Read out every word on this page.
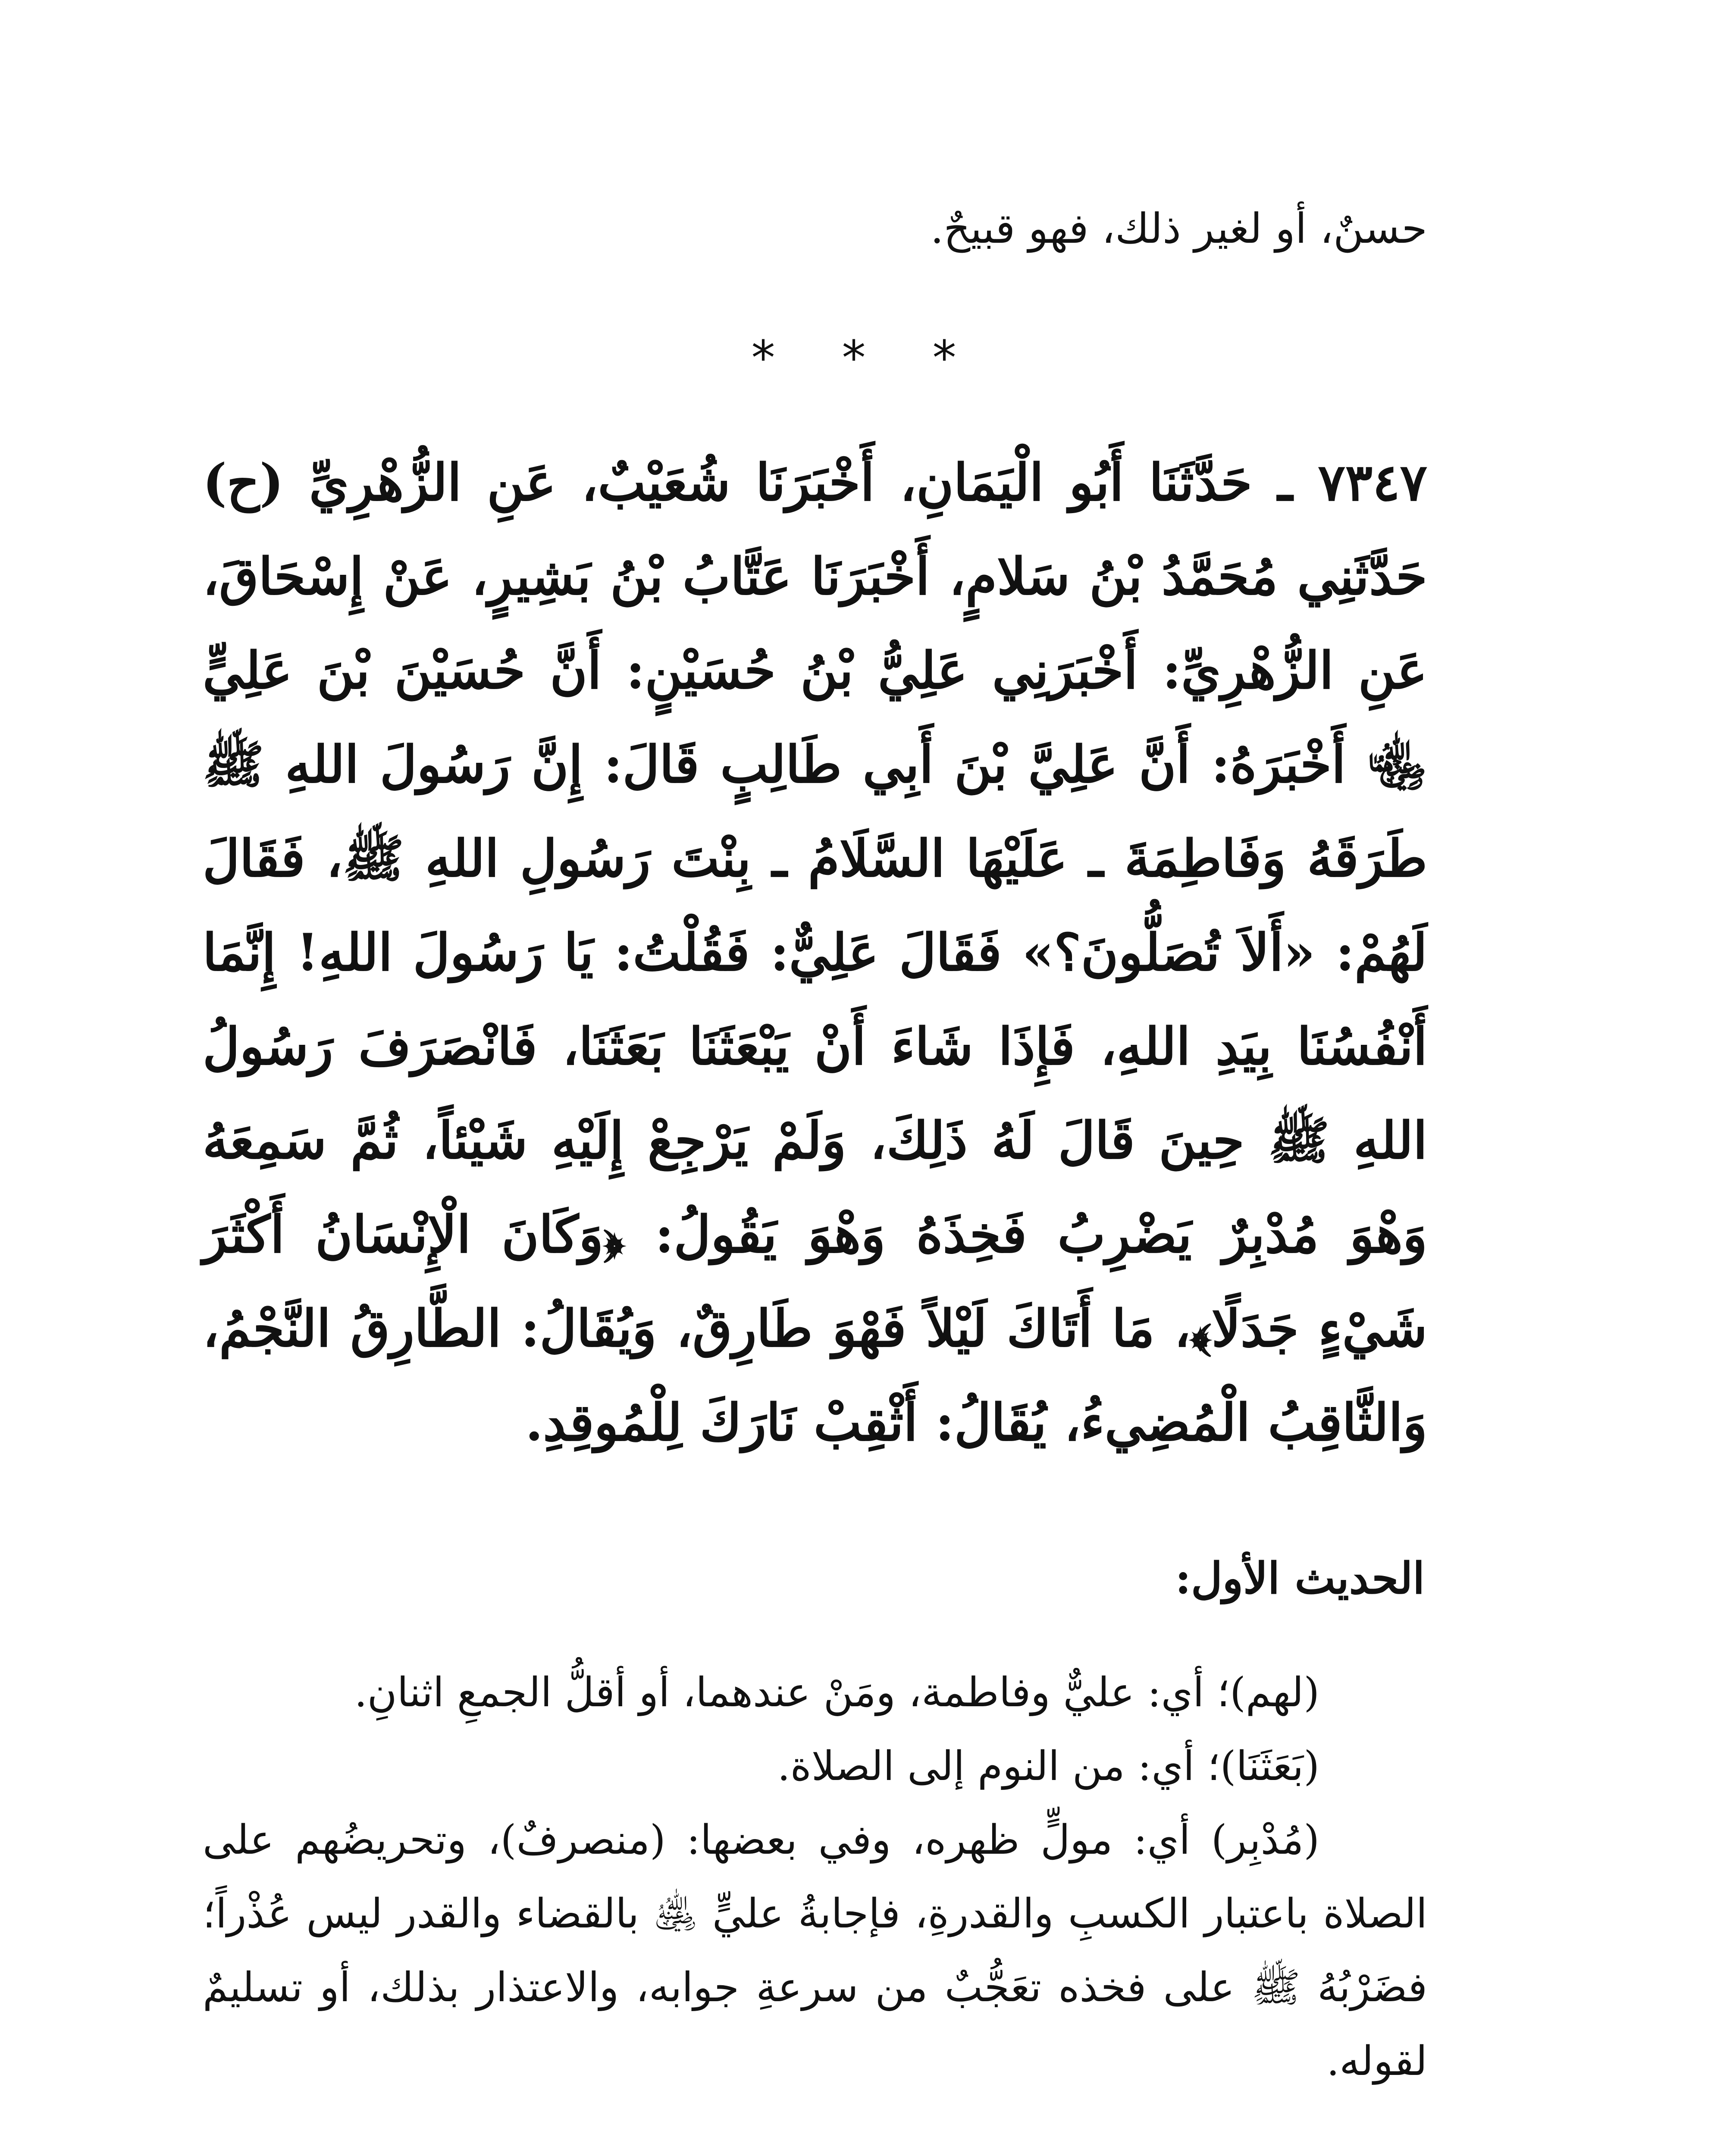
حسنٌ، أو لغير ذلك، فهو قبيحٌ.
* * *
٧٣٤٧ ـ حَدَّثَنَا أَبُو الْيَمَانِ، أَخْبَرَنَا شُعَيْبٌ، عَنِ الزُّهْرِيِّ (ح) حَدَّثَنِي مُحَمَّدُ بْنُ سَلامٍ، أَخْبَرَنَا عَتَّابُ بْنُ بَشِيرٍ، عَنْ إِسْحَاقَ، عَنِ الزُّهْرِيِّ: أَخْبَرَنِي عَلِيُّ بْنُ حُسَيْنٍ: أَنَّ حُسَيْنَ بْنَ عَلِيٍّ ﵄ أَخْبَرَهُ: أَنَّ عَلِيَّ بْنَ أَبِي طَالِبٍ قَالَ: إِنَّ رَسُولَ اللهِ ﷺ طَرَقَهُ وَفَاطِمَةَ ـ عَلَيْهَا السَّلَامُ ـ بِنْتَ رَسُولِ اللهِ ﷺ، فَقَالَ لَهُمْ: «أَلاَ تُصَلُّونَ؟» فَقَالَ عَلِيٌّ: فَقُلْتُ: يَا رَسُولَ اللهِ! إِنَّمَا أَنْفُسُنَا بِيَدِ اللهِ، فَإِذَا شَاءَ أَنْ يَبْعَثَنَا بَعَثَنَا، فَانْصَرَفَ رَسُولُ اللهِ ﷺ حِينَ قَالَ لَهُ ذَلِكَ، وَلَمْ يَرْجِعْ إِلَيْهِ شَيْئاً، ثُمَّ سَمِعَهُ وَهْوَ مُدْبِرٌ يَضْرِبُ فَخِذَهُ وَهْوَ يَقُولُ: ﴿وَكَانَ الْإِنْسَانُ أَكْثَرَ شَيْءٍ جَدَلًا﴾، مَا أَتَاكَ لَيْلاً فَهْوَ طَارِقٌ، وَيُقَالُ: الطَّارِقُ النَّجْمُ، وَالثَّاقِبُ الْمُضِيءُ، يُقَالُ: أَثْقِبْ نَارَكَ لِلْمُوقِدِ.
الحديث الأول:

(لهم)؛ أي: عليٌّ وفاطمة، ومَنْ عندهما، أو أقلُّ الجمعِ اثنانِ.

(بَعَثَنَا)؛ أي: من النوم إلى الصلاة.

(مُدْبِر) أي: مولٍّ ظهره، وفي بعضها: (منصرفٌ)، وتحريضُهم على الصلاة باعتبار الكسبِ والقدرةِ، فإجابةُ عليٍّ ﵁ بالقضاء والقدر ليس عُذْراً؛ فضَرْبُهُ ﷺ على فخذه تعَجُّبٌ من سرعةِ جوابه، والاعتذار بذلك، أو تسليمٌ لقوله.
